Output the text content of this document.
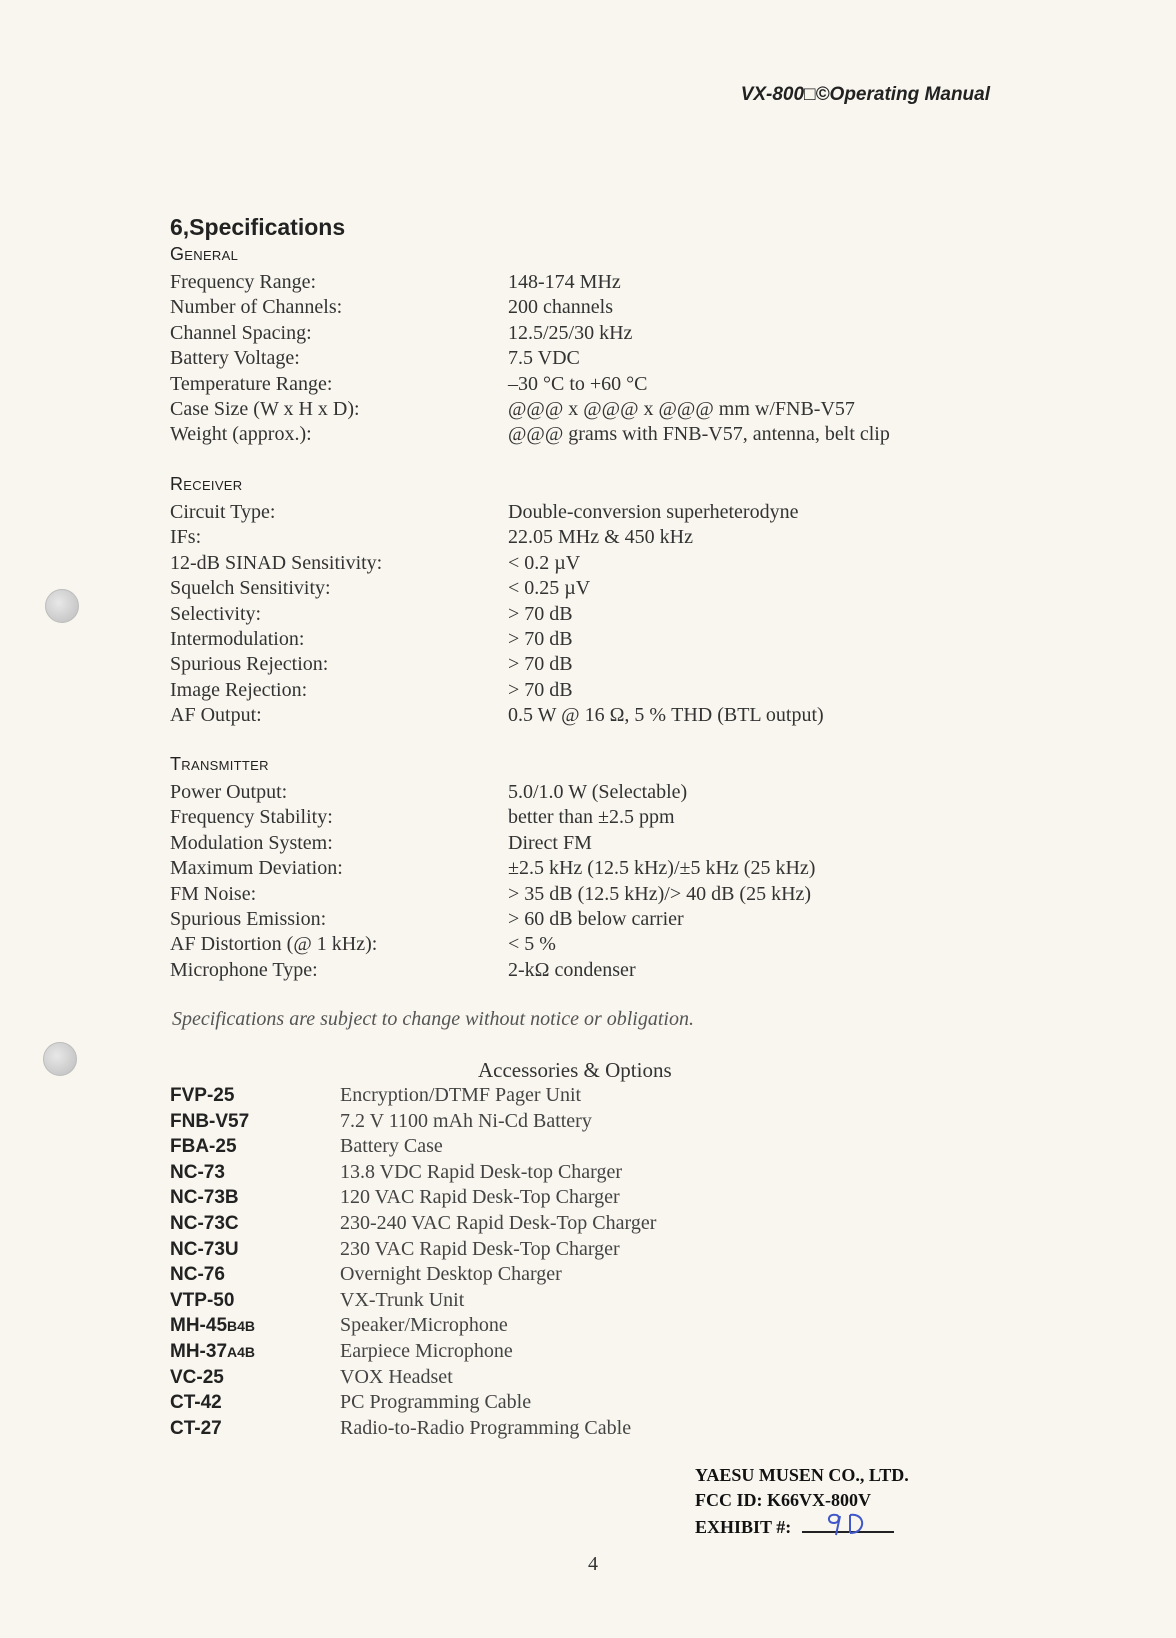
VX-800□©Operating Manual
6,Specifications
General
Frequency Range:	148-174 MHz
Number of Channels:	200 channels
Channel Spacing:	12.5/25/30 kHz
Battery Voltage:	7.5 VDC
Temperature Range:	–30 °C to +60 °C
Case Size (W x H x D):	@@@ x @@@ x @@@ mm w/FNB-V57
Weight (approx.):	@@@ grams with FNB-V57, antenna, belt clip
Receiver
Circuit Type:	Double-conversion superheterodyne
IFs:	22.05 MHz & 450 kHz
12-dB SINAD Sensitivity:	< 0.2 µV
Squelch Sensitivity:	< 0.25 µV
Selectivity:	> 70 dB
Intermodulation:	> 70 dB
Spurious Rejection:	> 70 dB
Image Rejection:	> 70 dB
AF Output:	0.5 W @ 16 Ω, 5 % THD (BTL output)
Transmitter
Power Output:	5.0/1.0 W (Selectable)
Frequency Stability:	better than ±2.5 ppm
Modulation System:	Direct FM
Maximum Deviation:	±2.5 kHz (12.5 kHz)/±5 kHz (25 kHz)
FM Noise:	> 35 dB (12.5 kHz)/> 40 dB (25 kHz)
Spurious Emission:	> 60 dB below carrier
AF Distortion (@ 1 kHz):	< 5 %
Microphone Type:	2-kΩ condenser
Specifications are subject to change without notice or obligation.
Accessories & Options
FVP-25	Encryption/DTMF Pager Unit
FNB-V57	7.2 V 1100 mAh Ni-Cd Battery
FBA-25	Battery Case
NC-73	13.8 VDC Rapid Desk-top Charger
NC-73B	120 VAC Rapid Desk-Top Charger
NC-73C	230-240 VAC Rapid Desk-Top Charger
NC-73U	230 VAC Rapid Desk-Top Charger
NC-76	Overnight Desktop Charger
VTP-50	VX-Trunk Unit
MH-45B4B	Speaker/Microphone
MH-37A4B	Earpiece Microphone
VC-25	VOX Headset
CT-42	PC Programming Cable
CT-27	Radio-to-Radio Programming Cable
YAESU MUSEN CO., LTD.
FCC ID: K66VX-800V
EXHIBIT #:
4
